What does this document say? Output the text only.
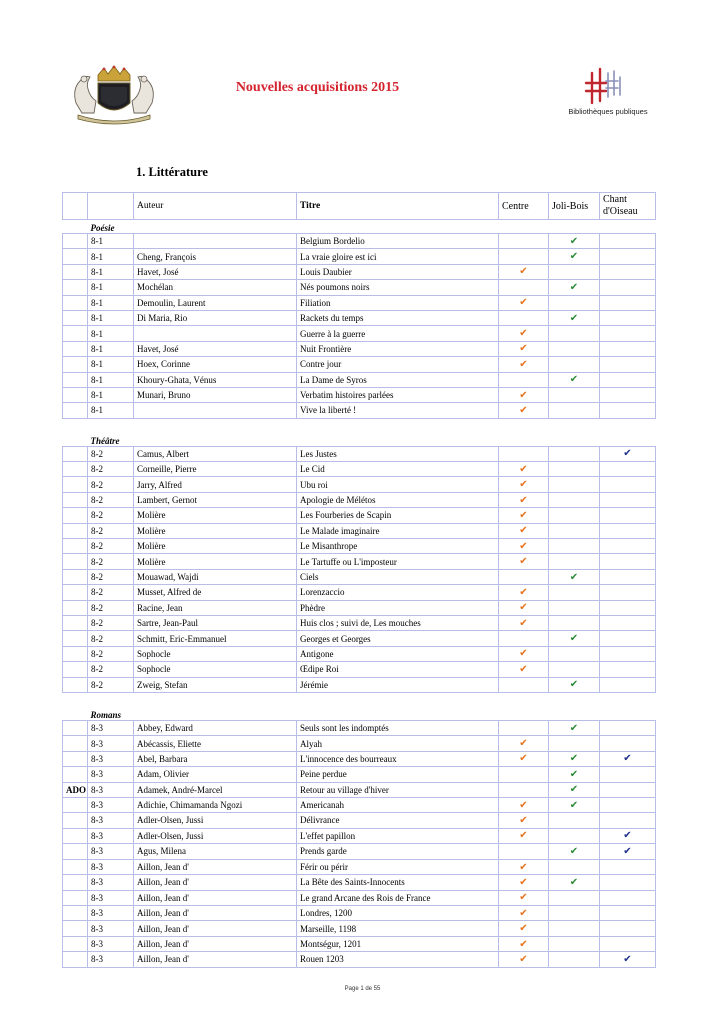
Nouvelles acquisitions 2015
Bibliothèques publiques
1. Littérature
		Auteur	Titre	Centre	Joli-Bois	Chant d'Oiseau
	Poésie					
	8-1		Belgium Bordelio		✔	
	8-1	Cheng, François	La vraie gloire est ici		✔	
	8-1	Havet, José	Louis Daubier	✔		
	8-1	Mochélan	Nés poumons noirs		✔	
	8-1	Demoulin, Laurent	Filiation	✔		
	8-1	Di Maria, Rio	Rackets du temps		✔	
	8-1		Guerre à la guerre	✔		
	8-1	Havet, José	Nuit Frontière	✔		
	8-1	Hoex, Corinne	Contre jour	✔		
	8-1	Khoury-Ghata, Vénus	La Dame de Syros		✔	
	8-1	Munari, Bruno	Verbatim histoires parlées	✔		
	8-1		Vive la liberté !	✔		

	Théâtre					
	8-2	Camus, Albert	Les Justes			✔
	8-2	Corneille, Pierre	Le Cid	✔		
	8-2	Jarry, Alfred	Ubu roi	✔		
	8-2	Lambert, Gernot	Apologie de Mélétos	✔		
	8-2	Molière	Les Fourberies de Scapin	✔		
	8-2	Molière	Le Malade imaginaire	✔		
	8-2	Molière	Le Misanthrope	✔		
	8-2	Molière	Le Tartuffe ou L'imposteur	✔		
	8-2	Mouawad, Wajdi	Ciels		✔	
	8-2	Musset, Alfred de	Lorenzaccio	✔		
	8-2	Racine, Jean	Phèdre	✔		
	8-2	Sartre, Jean-Paul	Huis clos ; suivi de, Les mouches	✔		
	8-2	Schmitt, Eric-Emmanuel	Georges et Georges		✔	
	8-2	Sophocle	Antigone	✔		
	8-2	Sophocle	Œdipe Roi	✔		
	8-2	Zweig, Stefan	Jérémie		✔	

	Romans					
	8-3	Abbey, Edward	Seuls sont les indomptés		✔	
	8-3	Abécassis, Eliette	Alyah	✔		
	8-3	Abel, Barbara	L'innocence des bourreaux	✔	✔	✔
	8-3	Adam, Olivier	Peine perdue		✔	
ADO	8-3	Adamek, André-Marcel	Retour au village d'hiver		✔	
	8-3	Adichie, Chimamanda Ngozi	Americanah	✔	✔	
	8-3	Adler-Olsen, Jussi	Délivrance	✔		
	8-3	Adler-Olsen, Jussi	L'effet papillon	✔		✔
	8-3	Agus, Milena	Prends garde		✔	✔
	8-3	Aillon, Jean d'	Férir ou périr	✔		
	8-3	Aillon, Jean d'	La Bête des Saints-Innocents	✔	✔	
	8-3	Aillon, Jean d'	Le grand Arcane des Rois de France	✔		
	8-3	Aillon, Jean d'	Londres, 1200	✔		
	8-3	Aillon, Jean d'	Marseille, 1198	✔		
	8-3	Aillon, Jean d'	Montségur, 1201	✔		
	8-3	Aillon, Jean d'	Rouen 1203	✔		✔
Page 1 de 55
